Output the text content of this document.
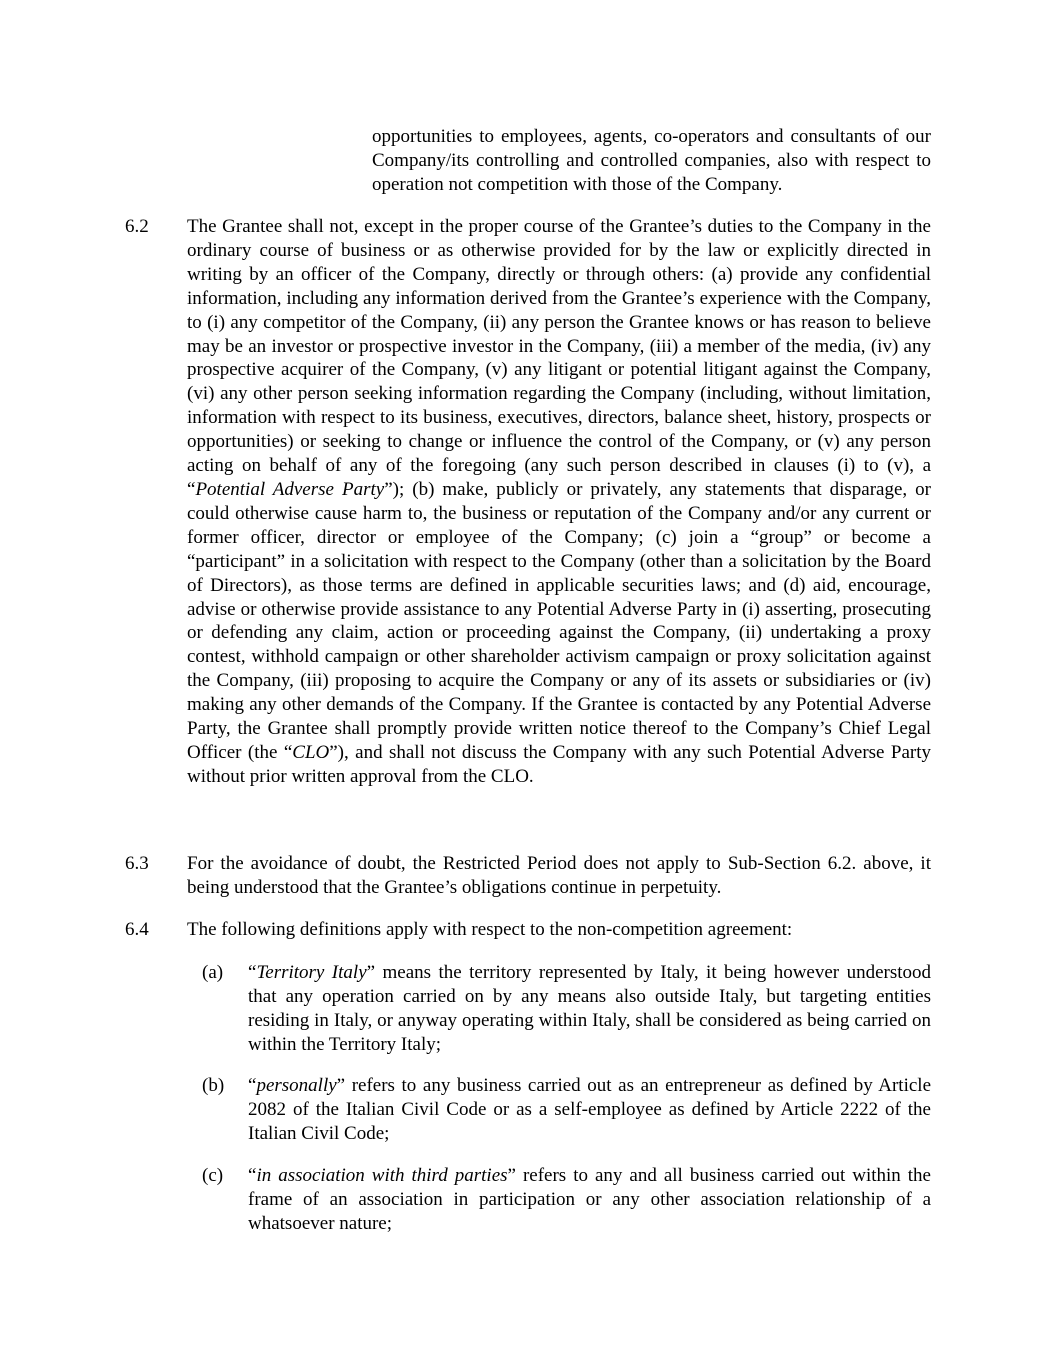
opportunities to employees, agents, co-operators and consultants of our Company/its controlling and controlled companies, also with respect to operation not competition with those of the Company.

6.2 The Grantee shall not, except in the proper course of the Grantee’s duties to the Company in the ordinary course of business or as otherwise provided for by the law or explicitly directed in writing by an officer of the Company, directly or through others: (a) provide any confidential information, including any information derived from the Grantee’s experience with the Company, to (i) any competitor of the Company, (ii) any person the Grantee knows or has reason to believe may be an investor or prospective investor in the Company, (iii) a member of the media, (iv) any prospective acquirer of the Company, (v) any litigant or potential litigant against the Company, (vi) any other person seeking information regarding the Company (including, without limitation, information with respect to its business, executives, directors, balance sheet, history, prospects or opportunities) or seeking to change or influence the control of the Company, or (v) any person acting on behalf of any of the foregoing (any such person described in clauses (i) to (v), a “Potential Adverse Party”); (b) make, publicly or privately, any statements that disparage, or could otherwise cause harm to, the business or reputation of the Company and/or any current or former officer, director or employee of the Company; (c) join a “group” or become a “participant” in a solicitation with respect to the Company (other than a solicitation by the Board of Directors), as those terms are defined in applicable securities laws; and (d) aid, encourage, advise or otherwise provide assistance to any Potential Adverse Party in (i) asserting, prosecuting or defending any claim, action or proceeding against the Company, (ii) undertaking a proxy contest, withhold campaign or other shareholder activism campaign or proxy solicitation against the Company, (iii) proposing to acquire the Company or any of its assets or subsidiaries or (iv) making any other demands of the Company. If the Grantee is contacted by any Potential Adverse Party, the Grantee shall promptly provide written notice thereof to the Company’s Chief Legal Officer (the “CLO”), and shall not discuss the Company with any such Potential Adverse Party without prior written approval from the CLO.

6.3 For the avoidance of doubt, the Restricted Period does not apply to Sub-Section 6.2. above, it being understood that the Grantee’s obligations continue in perpetuity.

6.4 The following definitions apply with respect to the non-competition agreement:

(a) “Territory Italy” means the territory represented by Italy, it being however understood that any operation carried on by any means also outside Italy, but targeting entities residing in Italy, or anyway operating within Italy, shall be considered as being carried on within the Territory Italy;

(b) “personally” refers to any business carried out as an entrepreneur as defined by Article 2082 of the Italian Civil Code or as a self-employee as defined by Article 2222 of the Italian Civil Code;

(c) “in association with third parties” refers to any and all business carried out within the frame of an association in participation or any other association relationship of a whatsoever nature;
